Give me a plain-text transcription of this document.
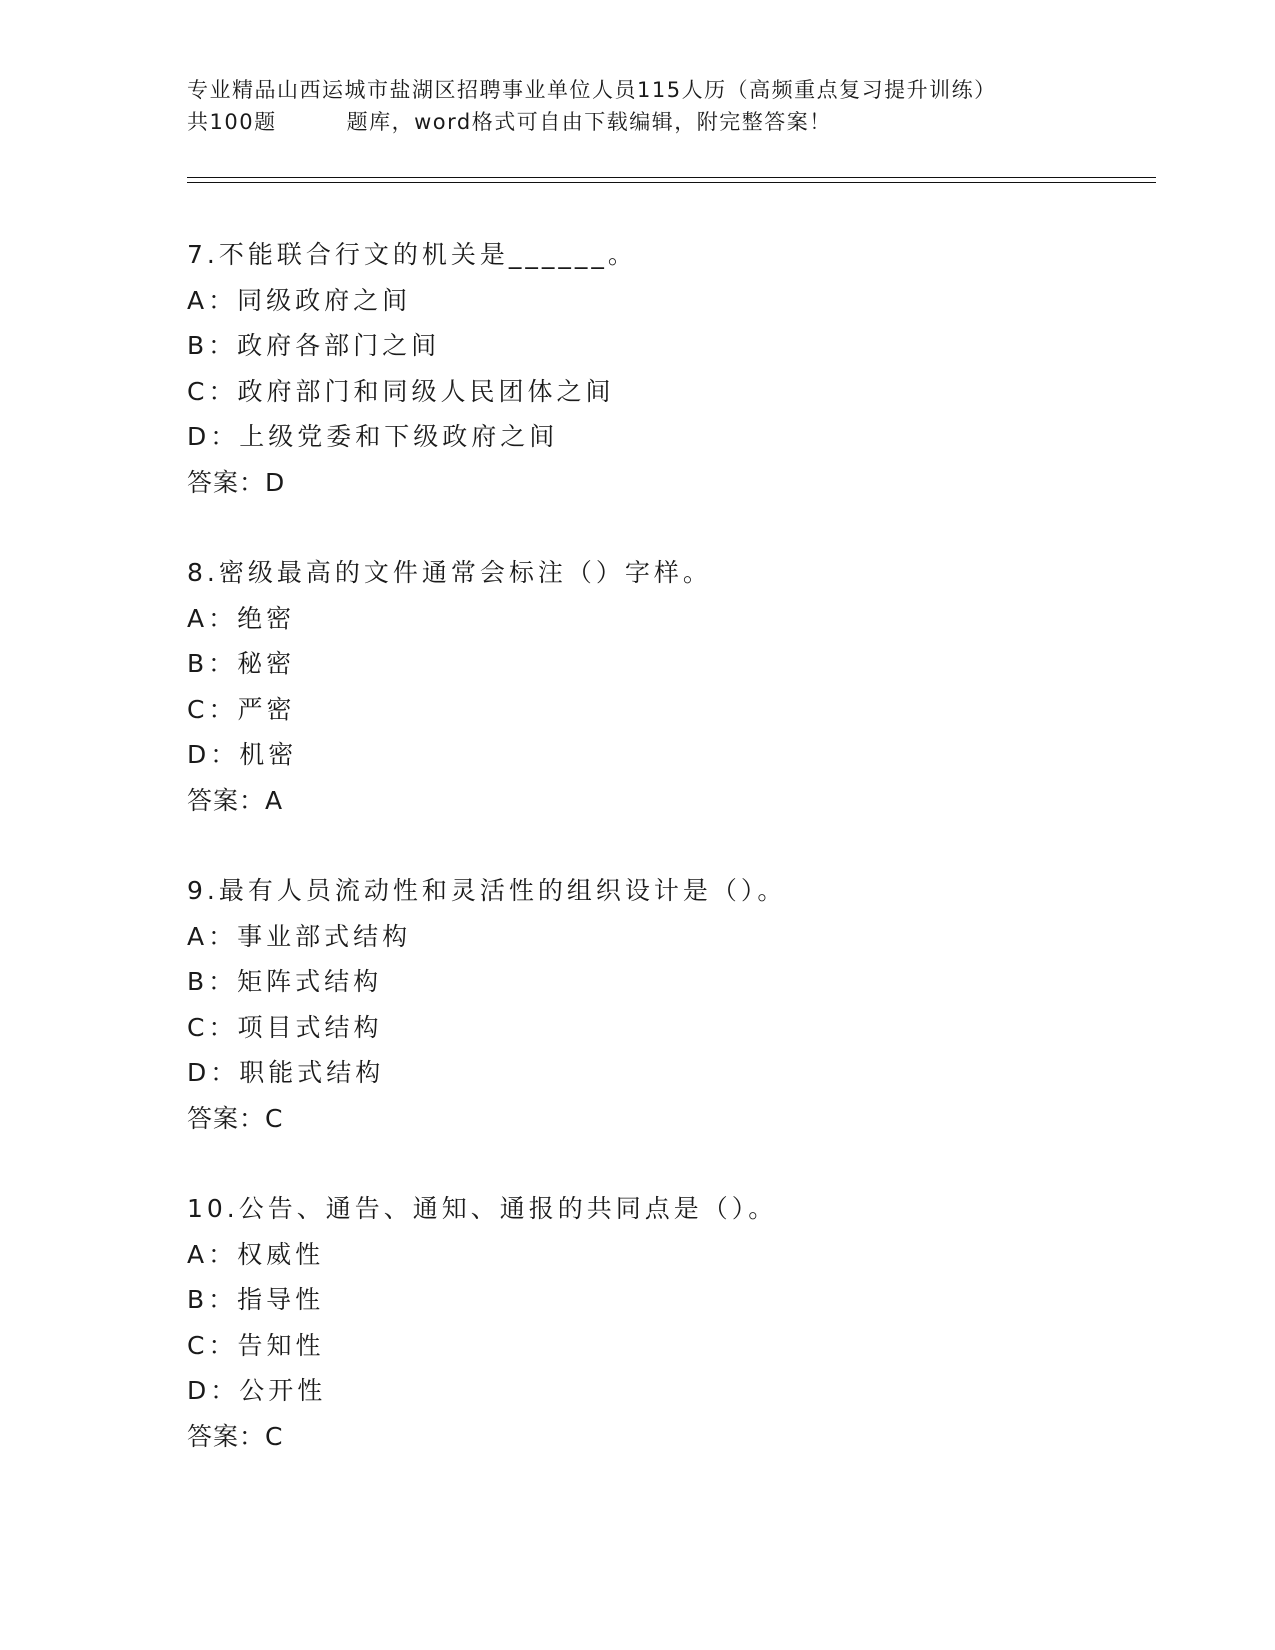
专业精品山西运城市盐湖区招聘事业单位人员115人历（高频重点复习提升训练）
共100题	题库，word格式可自由下载编辑，附完整答案！
7.不能联合行文的机关是______。
A：同级政府之间
B：政府各部门之间
C：政府部门和同级人民团体之间
D：上级党委和下级政府之间
答案：D
8.密级最高的文件通常会标注（）字样。
A：绝密
B：秘密
C：严密
D：机密
答案：A
9.最有人员流动性和灵活性的组织设计是（）。
A：事业部式结构
B：矩阵式结构
C：项目式结构
D：职能式结构
答案：C
10.公告、通告、通知、通报的共同点是（）。
A：权威性
B：指导性
C：告知性
D：公开性
答案：C
